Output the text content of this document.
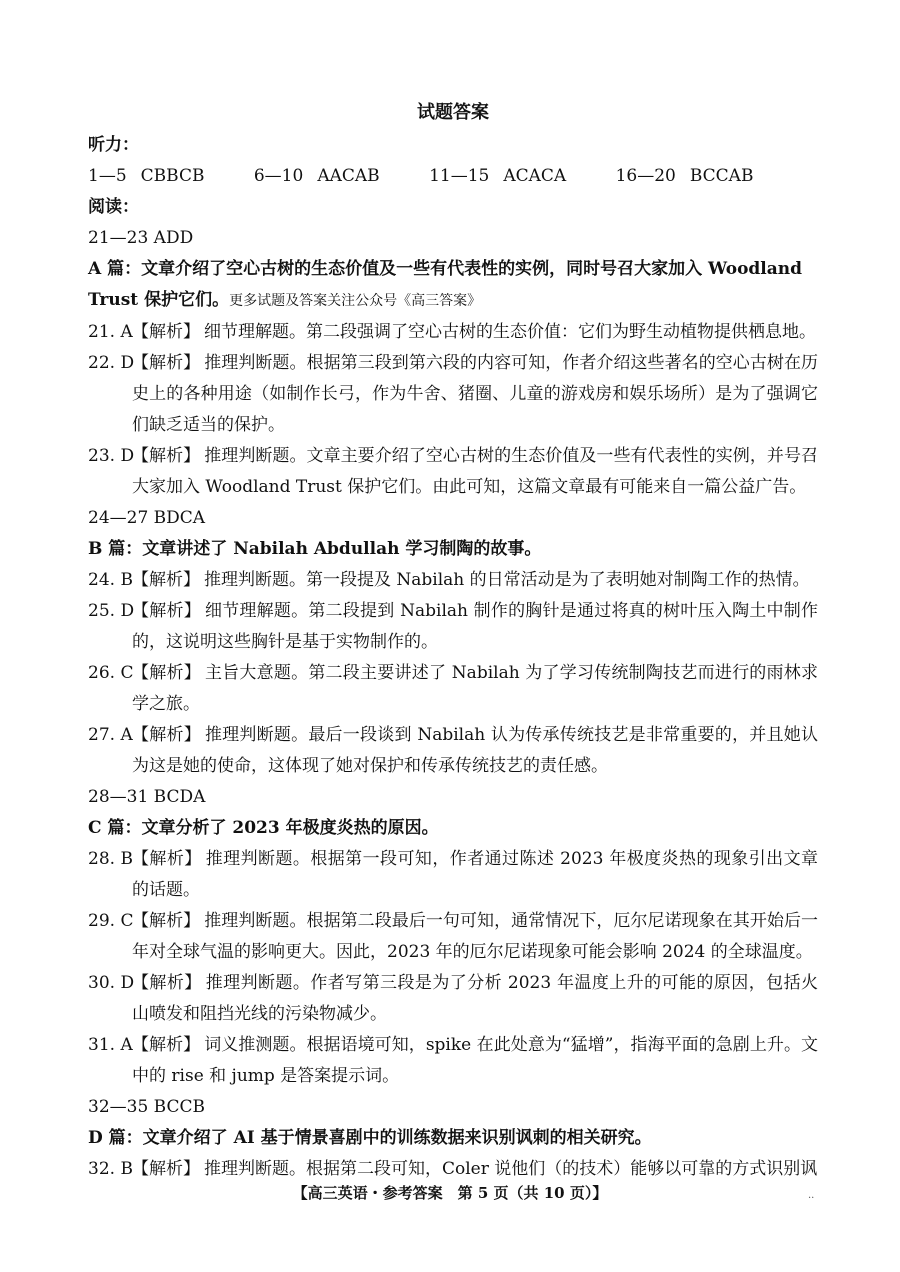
试题答案
听力：
1—5 CBBCB	6—10 AACAB	11—15 ACACA	16—20 BCCAB
阅读：
21—23 ADD
A 篇：文章介绍了空心古树的生态价值及一些有代表性的实例，同时号召大家加入 Woodland Trust 保护它们。更多试题及答案关注公众号《高三答案》
21. A 【解析】 细节理解题。第二段强调了空心古树的生态价值：它们为野生动植物提供栖息地。
22. D
【解析】 推理判断题。根据第三段到第六段的内容可知，作者介绍这些著名的空心古树在历史上的各种用途（如制作长弓，作为牛舍、猪圈、儿童的游戏房和娱乐场所）是为了强调它们缺乏适当的保护。
23. D
【解析】 推理判断题。文章主要介绍了空心古树的生态价值及一些有代表性的实例，并号召大家加入 Woodland Trust 保护它们。由此可知，这篇文章最有可能来自一篇公益广告。
24—27 BDCA
B 篇：文章讲述了 Nabilah Abdullah 学习制陶的故事。
24. B 【解析】 推理判断题。第一段提及 Nabilah 的日常活动是为了表明她对制陶工作的热情。
25. D
【解析】 细节理解题。第二段提到 Nabilah 制作的胸针是通过将真的树叶压入陶土中制作的，这说明这些胸针是基于实物制作的。
26. C
【解析】 主旨大意题。第二段主要讲述了 Nabilah 为了学习传统制陶技艺而进行的雨林求学之旅。
27. A 【解析】 推理判断题。最后一段谈到 Nabilah 认为传承传统技艺是非常重要的，并且她认为这是她的使命，这体现了她对保护和传承传统技艺的责任感。
28—31 BCDA
C 篇：文章分析了 2023 年极度炎热的原因。
28. B 【解析】 推理判断题。根据第一段可知，作者通过陈述 2023 年极度炎热的现象引出文章的话题。
29. C
【解析】 推理判断题。根据第二段最后一句可知，通常情况下，厄尔尼诺现象在其开始后一年对全球气温的影响更大。因此，2023 年的厄尔尼诺现象可能会影响 2024 的全球温度。
30. D
【解析】 推理判断题。作者写第三段是为了分析 2023 年温度上升的可能的原因，包括火山喷发和阻挡光线的污染物减少。
31. A 【解析】 词义推测题。根据语境可知，spike 在此处意为“猛增”，指海平面的急剧上升。文中的 rise 和 jump 是答案提示词。
32—35 BCCB
D 篇：文章介绍了 AI 基于情景喜剧中的训练数据来识别讽刺的相关研究。
32. B 【解析】 推理判断题。根据第二段可知，Coler 说他们（的技术）能够以可靠的方式识别讽
【高三英语・参考答案　第 5 页（共 10 页）】	..
